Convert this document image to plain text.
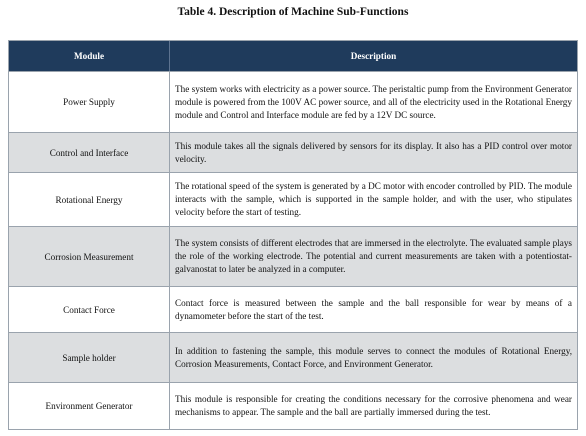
Table 4. Description of Machine Sub-Functions
Module	Description
Power Supply
The system works with electricity as a power source. The peristaltic pump from the Environment Generator module is powered from the 100V AC power source, and all of the electricity used in the Rotational Energy module and Control and Interface module are fed by a 12V DC source.
Control and Interface
This module takes all the signals delivered by sensors for its display. It also has a PID control over motor velocity.
Rotational Energy
The rotational speed of the system is generated by a DC motor with encoder controlled by PID. The module interacts with the sample, which is supported in the sample holder, and with the user, who stipulates velocity before the start of testing.
Corrosion Measurement
The system consists of different electrodes that are immersed in the electrolyte. The evaluated sample plays the role of the working electrode. The potential and current measurements are taken with a potentiostat-galvanostat to later be analyzed in a computer.
Contact Force
Contact force is measured between the sample and the ball responsible for wear by means of a dynamometer before the start of the test.
Sample holder
In addition to fastening the sample, this module serves to connect the modules of Rotational Energy, Corrosion Measurements, Contact Force, and Environment Generator.
Environment Generator
This module is responsible for creating the conditions necessary for the corrosive phenomena and wear mechanisms to appear. The sample and the ball are partially immersed during the test.
